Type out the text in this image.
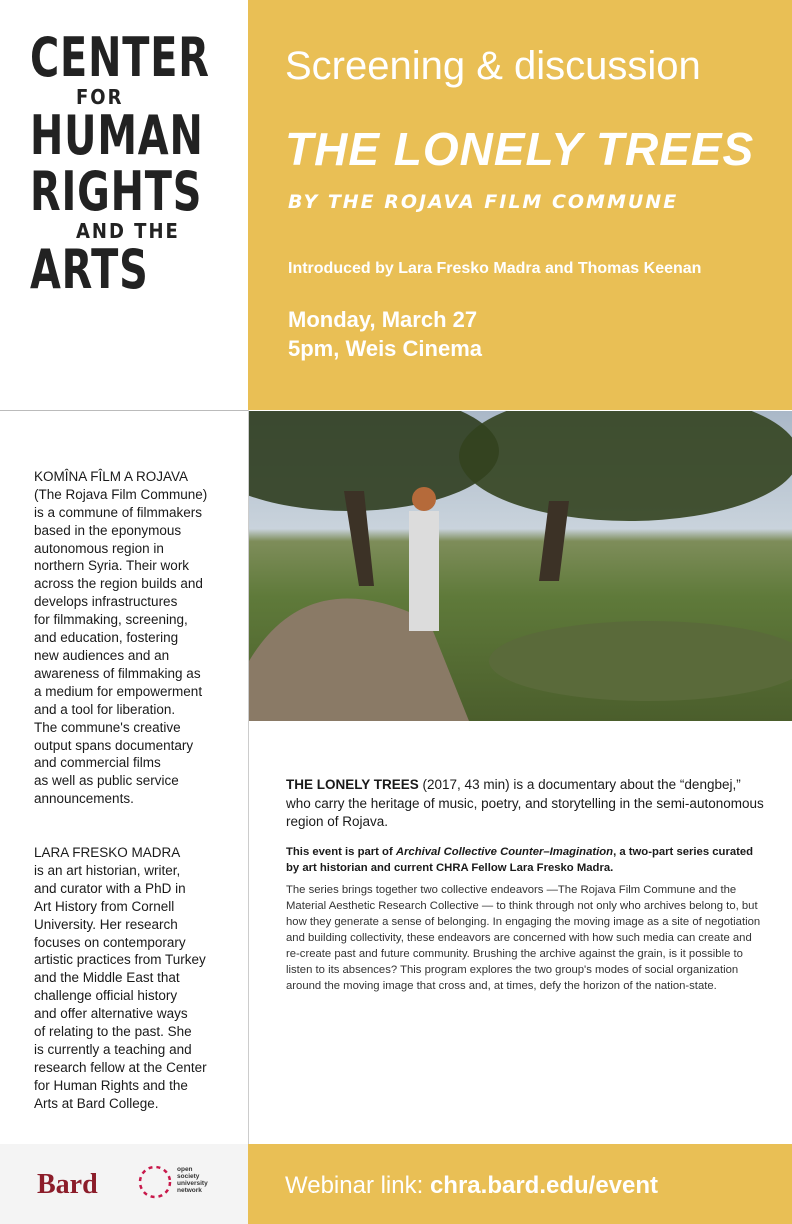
CENTER
FOR
HUMAN
RIGHTS
AND THE
ARTS
Screening & discussion
THE LONELY TREES
BY THE ROJAVA FILM COMMUNE
Introduced by Lara Fresko Madra and Thomas Keenan
Monday, March 27
5pm, Weis Cinema

KOMÎNA FÎLM A ROJAVA
(The Rojava Film Commune)
is a commune of filmmakers
based in the eponymous
autonomous region in
northern Syria. Their work
across the region builds and
develops infrastructures
for filmmaking, screening,
and education, fostering
new audiences and an
awareness of filmmaking as
a medium for empowerment
and a tool for liberation.
The commune's creative
output spans documentary
and commercial films
as well as public service
announcements.

LARA FRESKO MADRA
is an art historian, writer,
and curator with a PhD in
Art History from Cornell
University. Her research
focuses on contemporary
artistic practices from Turkey
and the Middle East that
challenge official history
and offer alternative ways
of relating to the past. She
is currently a teaching and
research fellow at the Center
for Human Rights and the
Arts at Bard College.

THE LONELY TREES (2017, 43 min) is a documentary about the “dengbej,” who carry the heritage of music, poetry, and storytelling in the semi-autonomous region of Rojava.

This event is part of Archival Collective Counter–Imagination, a two-part series curated by art historian and current CHRA Fellow Lara Fresko Madra.

The series brings together two collective endeavors —The Rojava Film Commune and the Material Aesthetic Research Collective — to think through not only who archives belong to, but how they generate a sense of belonging. In engaging the moving image as a site of negotiation and building collectivity, these endeavors are concerned with how such media can create and re-create past and future community. Brushing the archive against the grain, is it possible to listen to its absences? This program explores the two group's modes of social organization around the moving image that cross and, at times, defy the horizon of the nation-state.

Bard	open
society
university
network	Webinar link: chra.bard.edu/event
